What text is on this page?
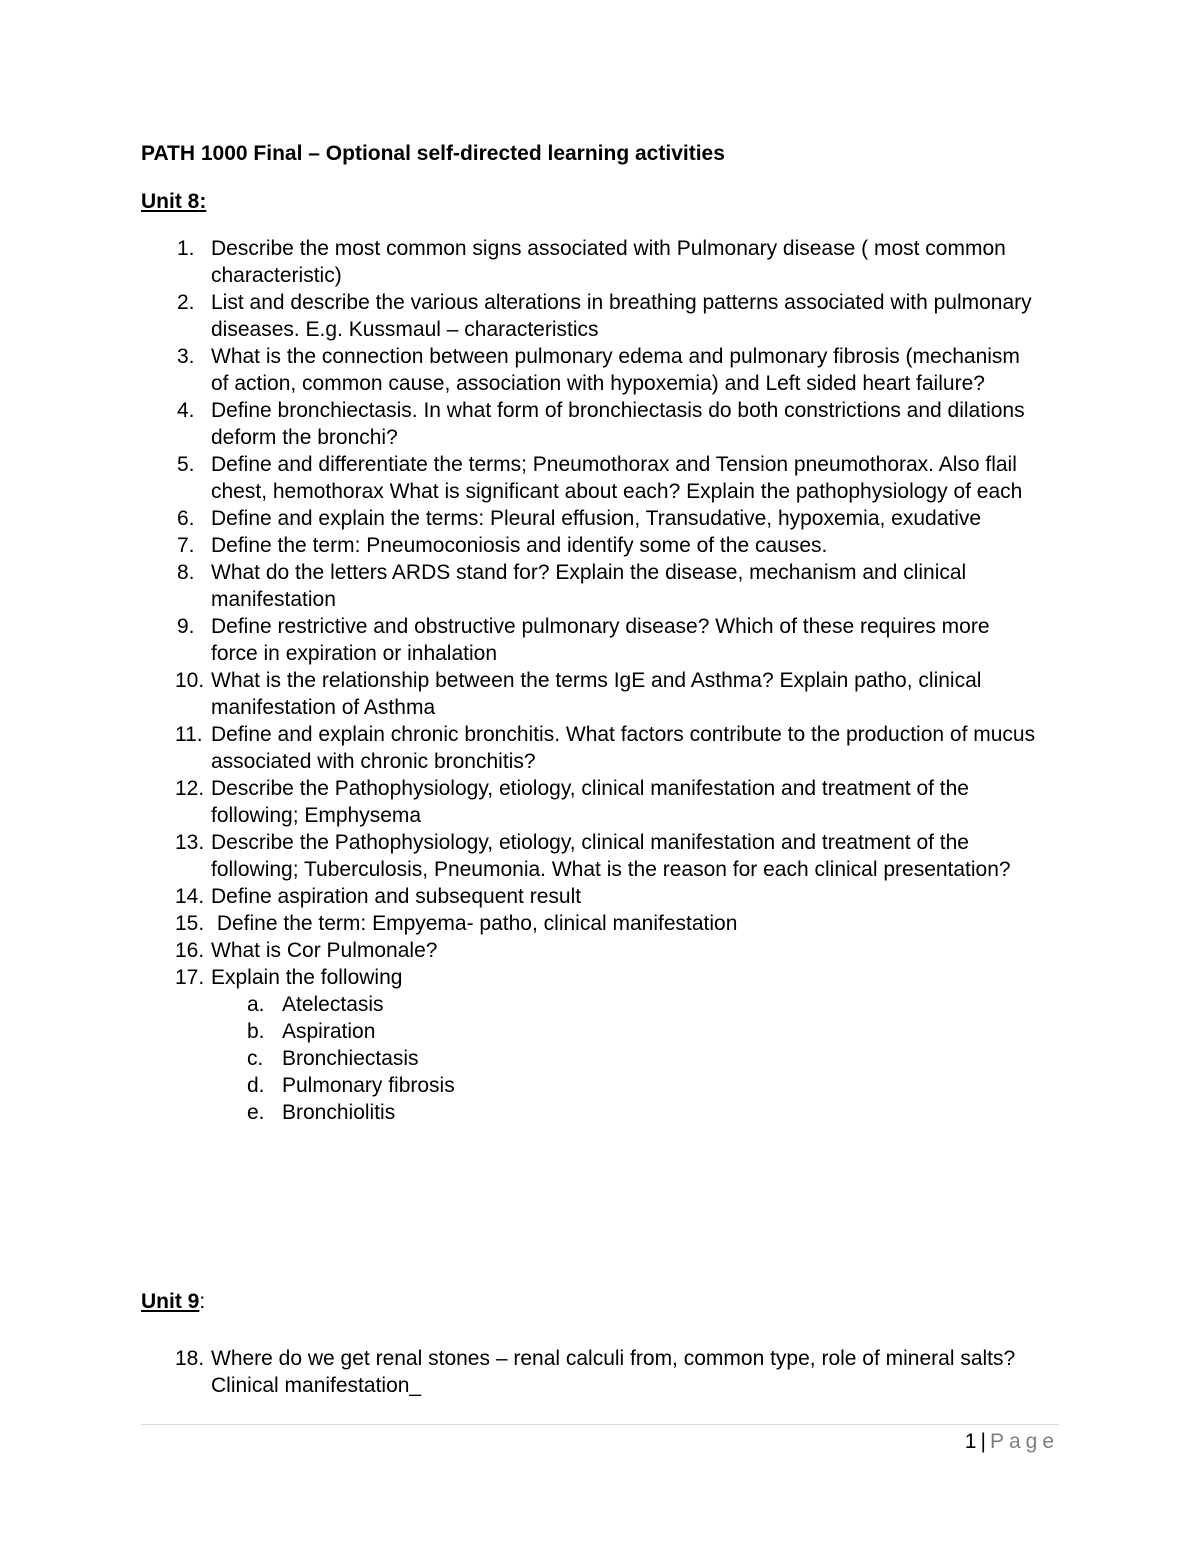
PATH 1000 Final – Optional self-directed learning activities
Unit 8:
1. Describe the most common signs associated with Pulmonary disease ( most common characteristic)
2. List and describe the various alterations in breathing patterns associated with pulmonary diseases. E.g. Kussmaul – characteristics
3. What is the connection between pulmonary edema and pulmonary fibrosis (mechanism of action, common cause, association with hypoxemia) and Left sided heart failure?
4. Define bronchiectasis. In what form of bronchiectasis do both constrictions and dilations deform the bronchi?
5. Define and differentiate the terms; Pneumothorax and Tension pneumothorax. Also flail chest, hemothorax What is significant about each? Explain the pathophysiology of each
6. Define and explain the terms: Pleural effusion, Transudative, hypoxemia, exudative
7. Define the term: Pneumoconiosis and identify some of the causes.
8. What do the letters ARDS stand for? Explain the disease, mechanism and clinical manifestation
9. Define restrictive and obstructive pulmonary disease? Which of these requires more force in expiration or inhalation
10. What is the relationship between the terms IgE and Asthma? Explain patho, clinical manifestation of Asthma
11. Define and explain chronic bronchitis. What factors contribute to the production of mucus associated with chronic bronchitis?
12. Describe the Pathophysiology, etiology, clinical manifestation and treatment of the following; Emphysema
13. Describe the Pathophysiology, etiology, clinical manifestation and treatment of the following; Tuberculosis, Pneumonia. What is the reason for each clinical presentation?
14. Define aspiration and subsequent result
15. Define the term: Empyema- patho, clinical manifestation
16. What is Cor Pulmonale?
17. Explain the following
a. Atelectasis
b. Aspiration
c. Bronchiectasis
d. Pulmonary fibrosis
e. Bronchiolitis
Unit 9:
18. Where do we get renal stones – renal calculi from, common type, role of mineral salts?  Clinical manifestation_
1 | Page
